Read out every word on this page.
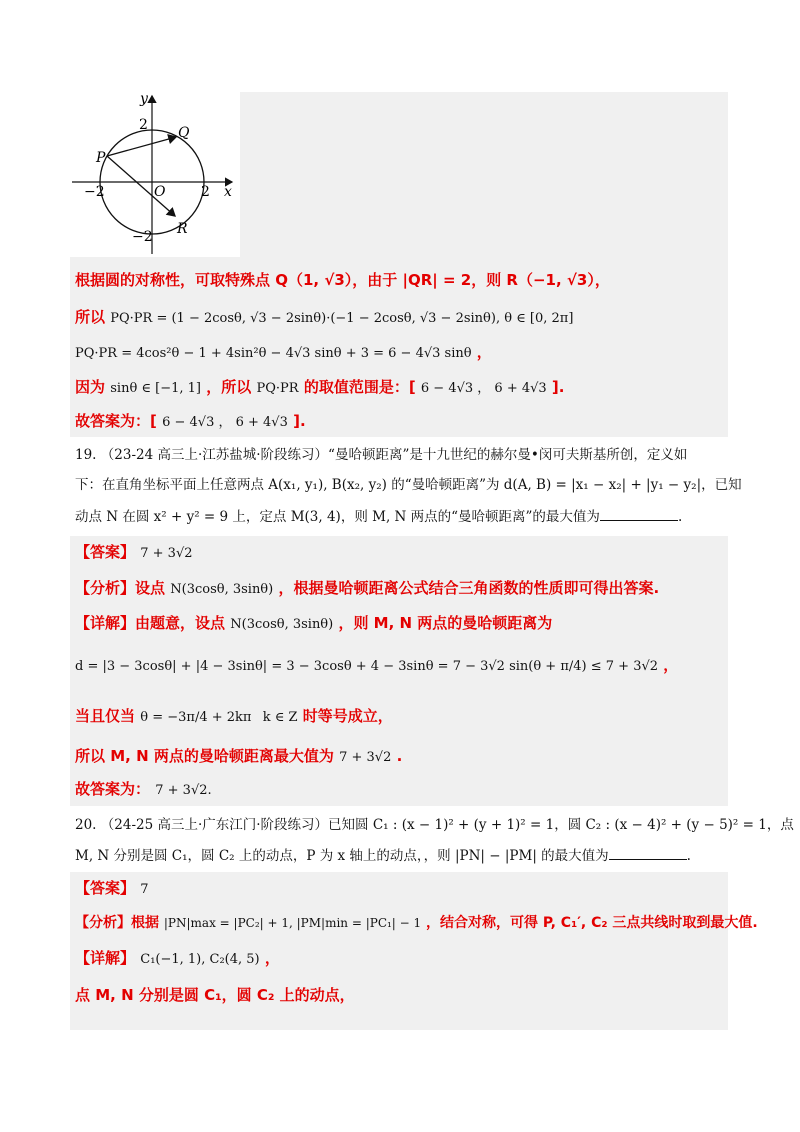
y
x
2
−2
−2	2
O
P
Q
R
根据圆的对称性，可取特殊点 Q（1, √3），由于 |QR| = 2，则 R（−1, √3），
所以 PQ·PR = (1 − 2cosθ, √3 − 2sinθ)·(−1 − 2cosθ, √3 − 2sinθ), θ ∈ [0, 2π]
PQ·PR = 4cos²θ − 1 + 4sin²θ − 4√3 sinθ + 3 = 6 − 4√3 sinθ ，
因为 sinθ ∈ [−1, 1] ，所以 PQ·PR 的取值范围是：[ 6 − 4√3 ， 6 + 4√3 ].
故答案为：[ 6 − 4√3 ， 6 + 4√3 ].
19. （23-24 高三上·江苏盐城·阶段练习）“曼哈顿距离”是十九世纪的赫尔曼•闵可夫斯基所创，定义如
下：在直角坐标平面上任意两点 A(x₁, y₁), B(x₂, y₂) 的“曼哈顿距离”为 d(A, B) = |x₁ − x₂| + |y₁ − y₂|，已知
动点 N 在圆 x² + y² = 9 上，定点 M(3, 4)，则 M, N 两点的“曼哈顿距离”的最大值为	.
【答案】 7 + 3√2
【分析】设点 N(3cosθ, 3sinθ) ，根据曼哈顿距离公式结合三角函数的性质即可得出答案.
【详解】由题意，设点 N(3cosθ, 3sinθ) ，则 M, N 两点的曼哈顿距离为
d = |3 − 3cosθ| + |4 − 3sinθ| = 3 − 3cosθ + 4 − 3sinθ = 7 − 3√2 sin(θ + π/4) ≤ 7 + 3√2 ，
当且仅当 θ = −3π/4 + 2kπ k ∈ Z 时等号成立，
所以 M, N 两点的曼哈顿距离最大值为 7 + 3√2 .
故答案为： 7 + 3√2.
20. （24-25 高三上·广东江门·阶段练习）已知圆 C₁ : (x − 1)² + (y + 1)² = 1，圆 C₂ : (x − 4)² + (y − 5)² = 1，点
M, N 分别是圆 C₁，圆 C₂ 上的动点，P 为 x 轴上的动点，，则 |PN| − |PM| 的最大值为	.
【答案】 7
【分析】根据 |PN|max = |PC₂| + 1, |PM|min = |PC₁| − 1 ，结合对称，可得 P, C₁′, C₂ 三点共线时取到最大值.
【详解】 C₁(−1, 1), C₂(4, 5) ，
点 M, N 分别是圆 C₁，圆 C₂ 上的动点，
